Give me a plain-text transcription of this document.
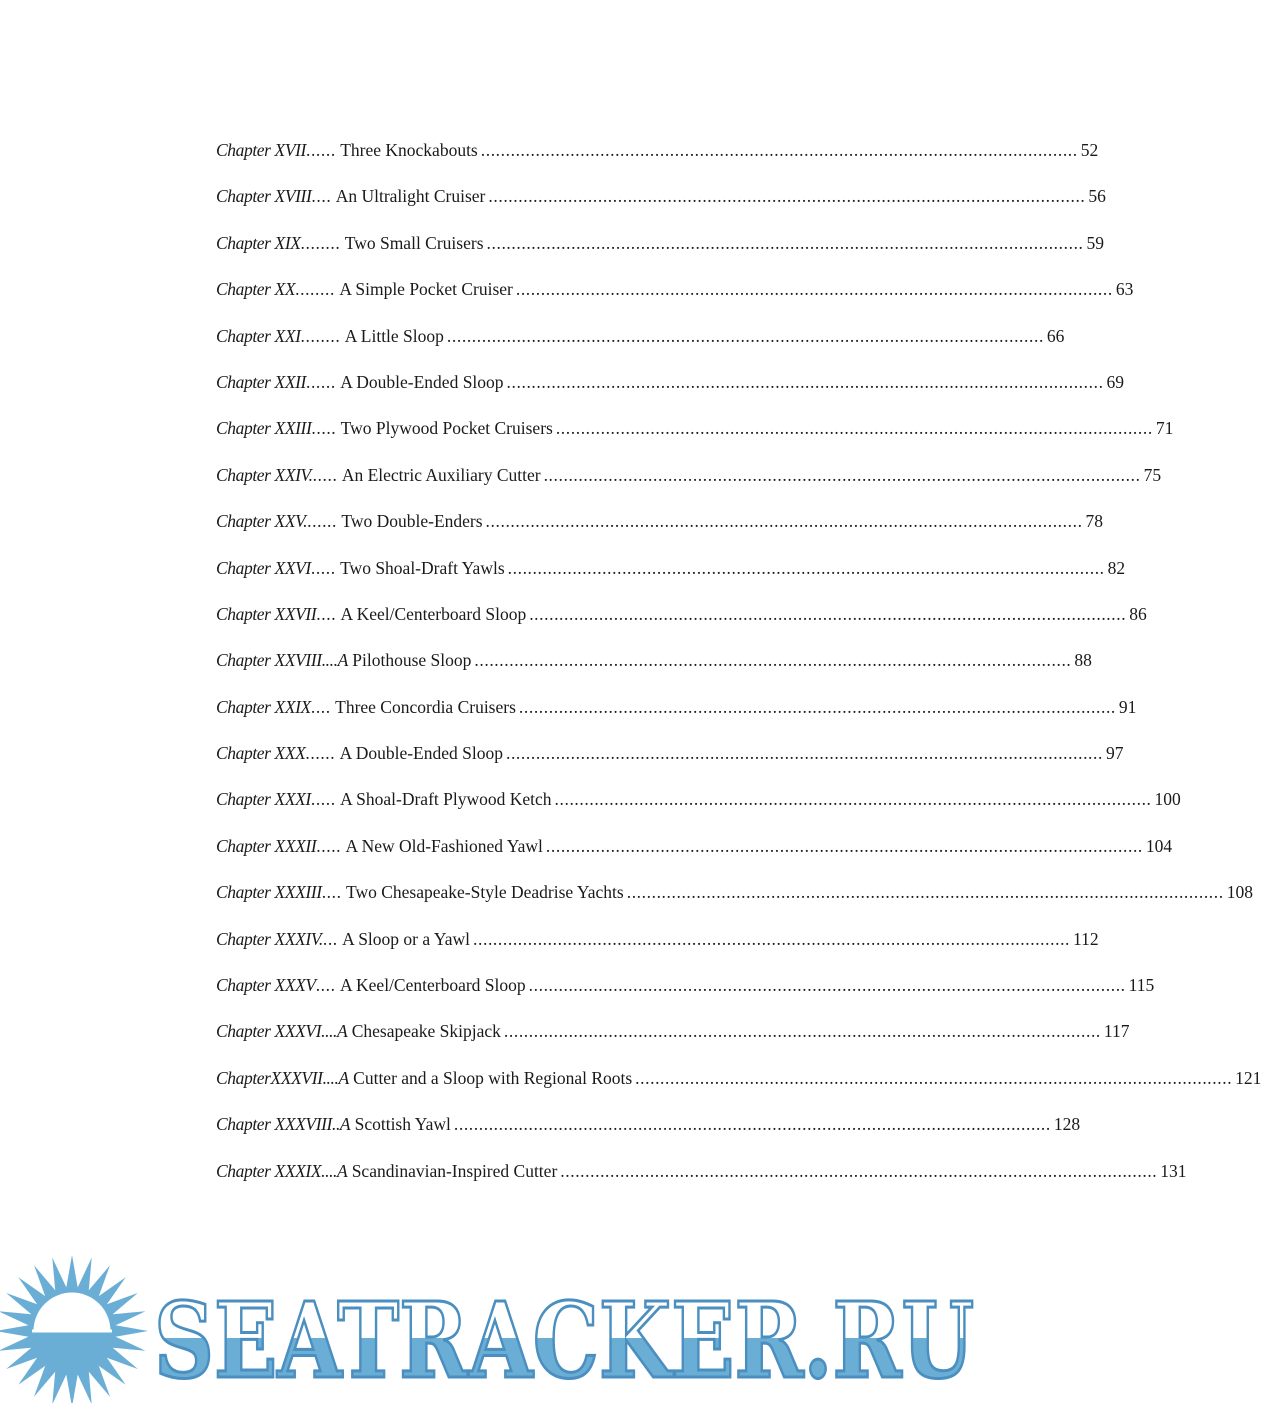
Chapter XVII ......
Three Knockabouts ........................................................................................................................ 52
Chapter XVIII ....
An Ultralight Cruiser ........................................................................................................................ 56
Chapter XIX ........
Two Small Cruisers ........................................................................................................................ 59
Chapter XX ........
A Simple Pocket Cruiser ........................................................................................................................ 63
Chapter XXI ........
A Little Sloop ........................................................................................................................ 66
Chapter XXII ......
A Double-Ended Sloop ........................................................................................................................ 69
Chapter XXIII .....
Two Plywood Pocket Cruisers ........................................................................................................................ 71
Chapter XXIV. .....
An Electric Auxiliary Cutter ........................................................................................................................ 75
Chapter XXV. ......
Two Double-Enders ........................................................................................................................ 78
Chapter XXVI .....
Two Shoal-Draft Yawls ........................................................................................................................ 82
Chapter XXVII ....
A Keel/Centerboard Sloop ........................................................................................................................ 86
Chapter XXVIII....A
Pilothouse Sloop ........................................................................................................................ 88
Chapter XXIX ....
Three Concordia Cruisers ........................................................................................................................ 91
Chapter XXX ......
A Double-Ended Sloop ........................................................................................................................ 97
Chapter XXXI .....
A Shoal-Draft Plywood Ketch ........................................................................................................................ 100
Chapter XXXII .....
A New Old-Fashioned Yawl ........................................................................................................................ 104
Chapter XXXIII ....
Two Chesapeake-Style Deadrise Yachts ........................................................................................................................ 108
Chapter XXXIV. ...
A Sloop or a Yawl ........................................................................................................................ 112
Chapter XXXV ....
A Keel/Centerboard Sloop ........................................................................................................................ 115
Chapter XXXVI....A
Chesapeake Skipjack ........................................................................................................................ 117
ChapterXXXVII....A
Cutter and a Sloop with Regional Roots ........................................................................................................................ 121
Chapter XXXVIII..A
Scottish Yawl ........................................................................................................................ 128
Chapter XXXIX....A
Scandinavian-Inspired Cutter ........................................................................................................................ 131
SEATRACKER.RU
